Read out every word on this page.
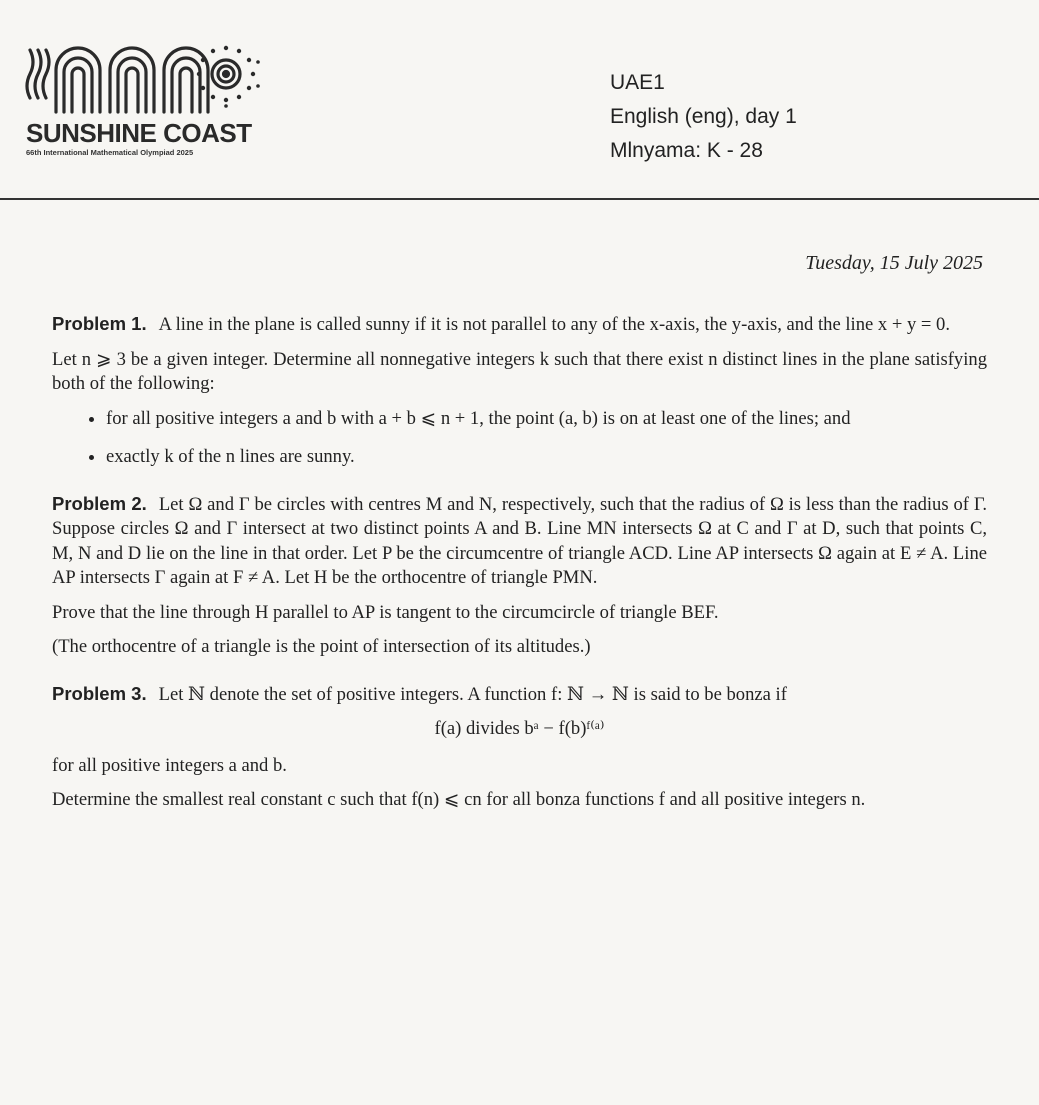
SUNSHINE COAST
66th International Mathematical Olympiad 2025
UAE1
English (eng), day 1
Mlnyama: K - 28
Tuesday, 15 July 2025

Problem 1. A line in the plane is called sunny if it is not parallel to any of the x-axis, the y-axis, and the line x + y = 0.

Let n ⩾ 3 be a given integer. Determine all nonnegative integers k such that there exist n distinct lines in the plane satisfying both of the following:

• for all positive integers a and b with a + b ⩽ n + 1, the point (a, b) is on at least one of the lines; and
• exactly k of the n lines are sunny.

Problem 2. Let Ω and Γ be circles with centres M and N, respectively, such that the radius of Ω is less than the radius of Γ. Suppose circles Ω and Γ intersect at two distinct points A and B. Line MN intersects Ω at C and Γ at D, such that points C, M, N and D lie on the line in that order. Let P be the circumcentre of triangle ACD. Line AP intersects Ω again at E ≠ A. Line AP intersects Γ again at F ≠ A. Let H be the orthocentre of triangle PMN.

Prove that the line through H parallel to AP is tangent to the circumcircle of triangle BEF.

(The orthocentre of a triangle is the point of intersection of its altitudes.)

Problem 3. Let ℕ denote the set of positive integers. A function f: ℕ → ℕ is said to be bonza if

f(a) divides bᵃ − f(b)ᶠ⁽ᵃ⁾

for all positive integers a and b.

Determine the smallest real constant c such that f(n) ⩽ cn for all bonza functions f and all positive integers n.
